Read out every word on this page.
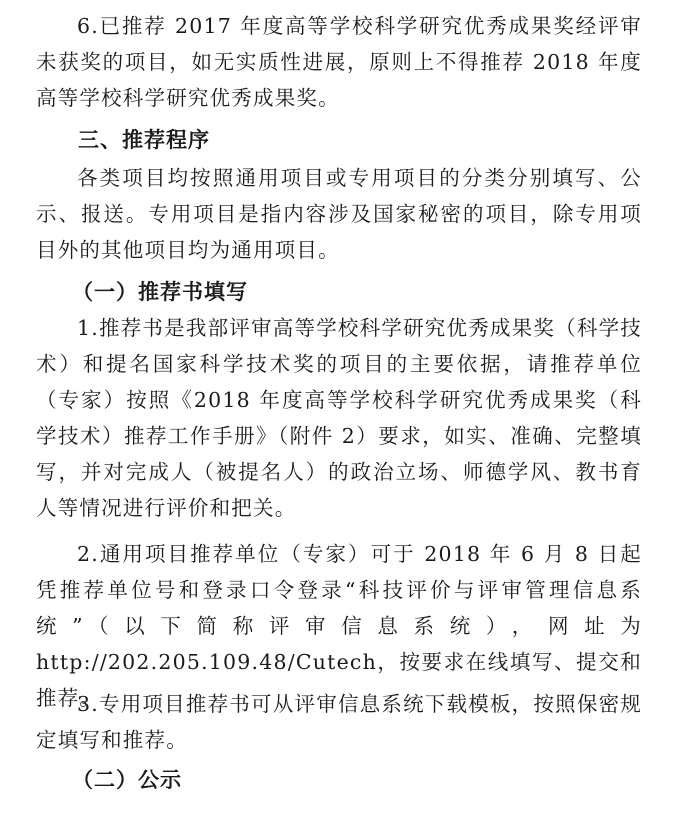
6.已推荐 2017 年度高等学校科学研究优秀成果奖经评审未获奖的项目，如无实质性进展，原则上不得推荐 2018 年度高等学校科学研究优秀成果奖。

三、推荐程序

各类项目均按照通用项目或专用项目的分类分别填写、公示、报送。专用项目是指内容涉及国家秘密的项目，除专用项目外的其他项目均为通用项目。

（一）推荐书填写

1.推荐书是我部评审高等学校科学研究优秀成果奖（科学技术）和提名国家科学技术奖的项目的主要依据，请推荐单位（专家）按照《2018 年度高等学校科学研究优秀成果奖（科学技术）推荐工作手册》（附件 2）要求，如实、准确、完整填写，并对完成人（被提名人）的政治立场、师德学风、教书育人等情况进行评价和把关。

2.通用项目推荐单位（专家）可于 2018 年 6 月 8 日起凭推荐单位号和登录口令登录“科技评价与评审管理信息系统”（以下简称评审信息系统），网址为 http://202.205.109.48/Cutech，按要求在线填写、提交和推荐。

3.专用项目推荐书可从评审信息系统下载模板，按照保密规定填写和推荐。

（二）公示
